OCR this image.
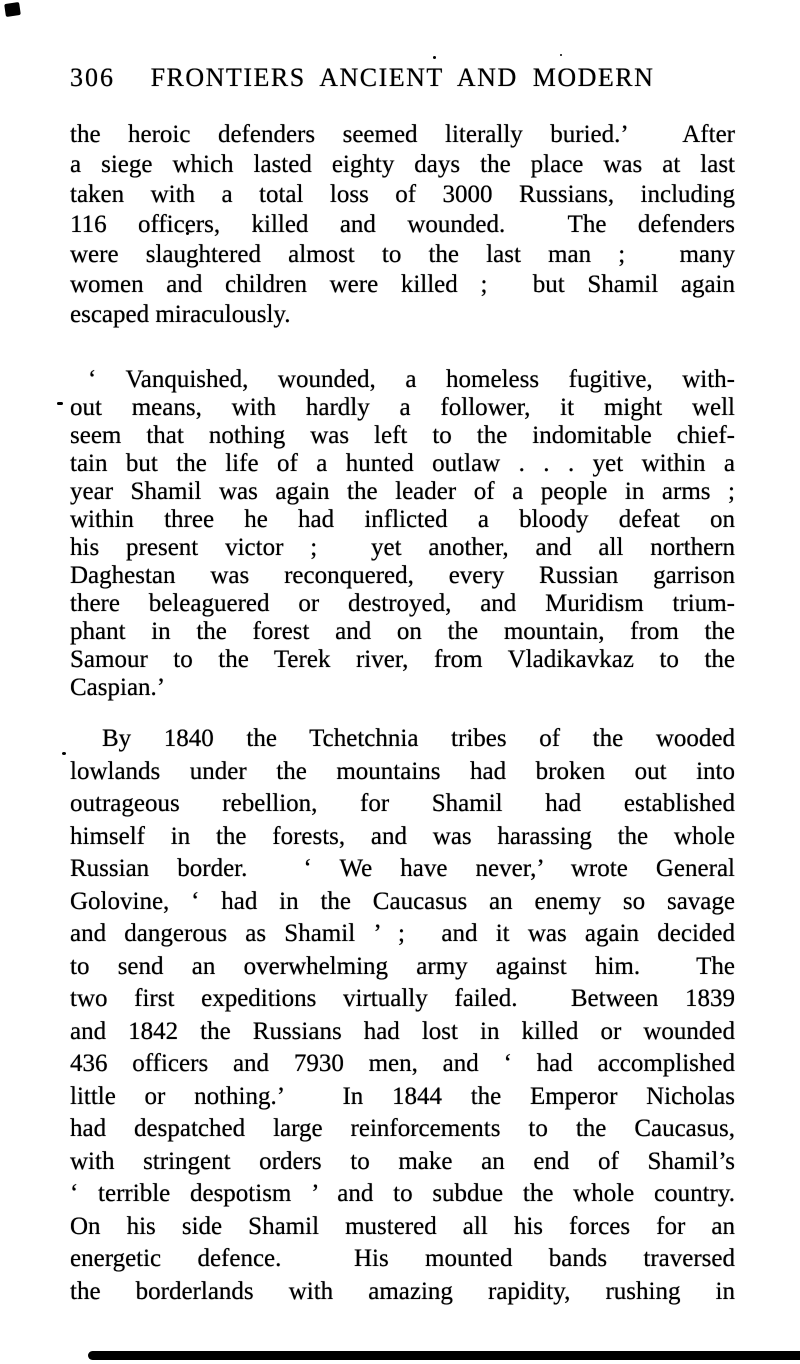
306	FRONTIERS ANCIENT AND MODERN
the heroic defenders seemed literally buried.’  After
a siege which lasted eighty days the place was at last
taken with a total loss of 3000 Russians, including
116 officers, killed and wounded.  The defenders
were slaughtered almost to the last man ;  many
women and children were killed ;  but Shamil again
escaped miraculously.
‘ Vanquished, wounded, a homeless fugitive, with-
out means, with hardly a follower, it might well
seem that nothing was left to the indomitable chief-
tain but the life of a hunted outlaw . . . yet within a
year Shamil was again the leader of a people in arms ;
within three he had inflicted a bloody defeat on
his present victor ;  yet another, and all northern
Daghestan was reconquered, every Russian garrison
there beleaguered or destroyed, and Muridism trium-
phant in the forest and on the mountain, from the
Samour to the Terek river, from Vladikavkaz to the
Caspian.’
By 1840 the Tchetchnia tribes of the wooded
lowlands under the mountains had broken out into
outrageous rebellion, for Shamil had established
himself in the forests, and was harassing the whole
Russian border.  ‘ We have never,’ wrote General
Golovine, ‘ had in the Caucasus an enemy so savage
and dangerous as Shamil ’ ;  and it was again decided
to send an overwhelming army against him.  The
two first expeditions virtually failed.  Between 1839
and 1842 the Russians had lost in killed or wounded
436 officers and 7930 men, and ‘ had accomplished
little or nothing.’  In 1844 the Emperor Nicholas
had despatched large reinforcements to the Caucasus,
with stringent orders to make an end of Shamil’s
‘ terrible despotism ’ and to subdue the whole country.
On his side Shamil mustered all his forces for an
energetic defence.  His mounted bands traversed
the borderlands with amazing rapidity, rushing in
